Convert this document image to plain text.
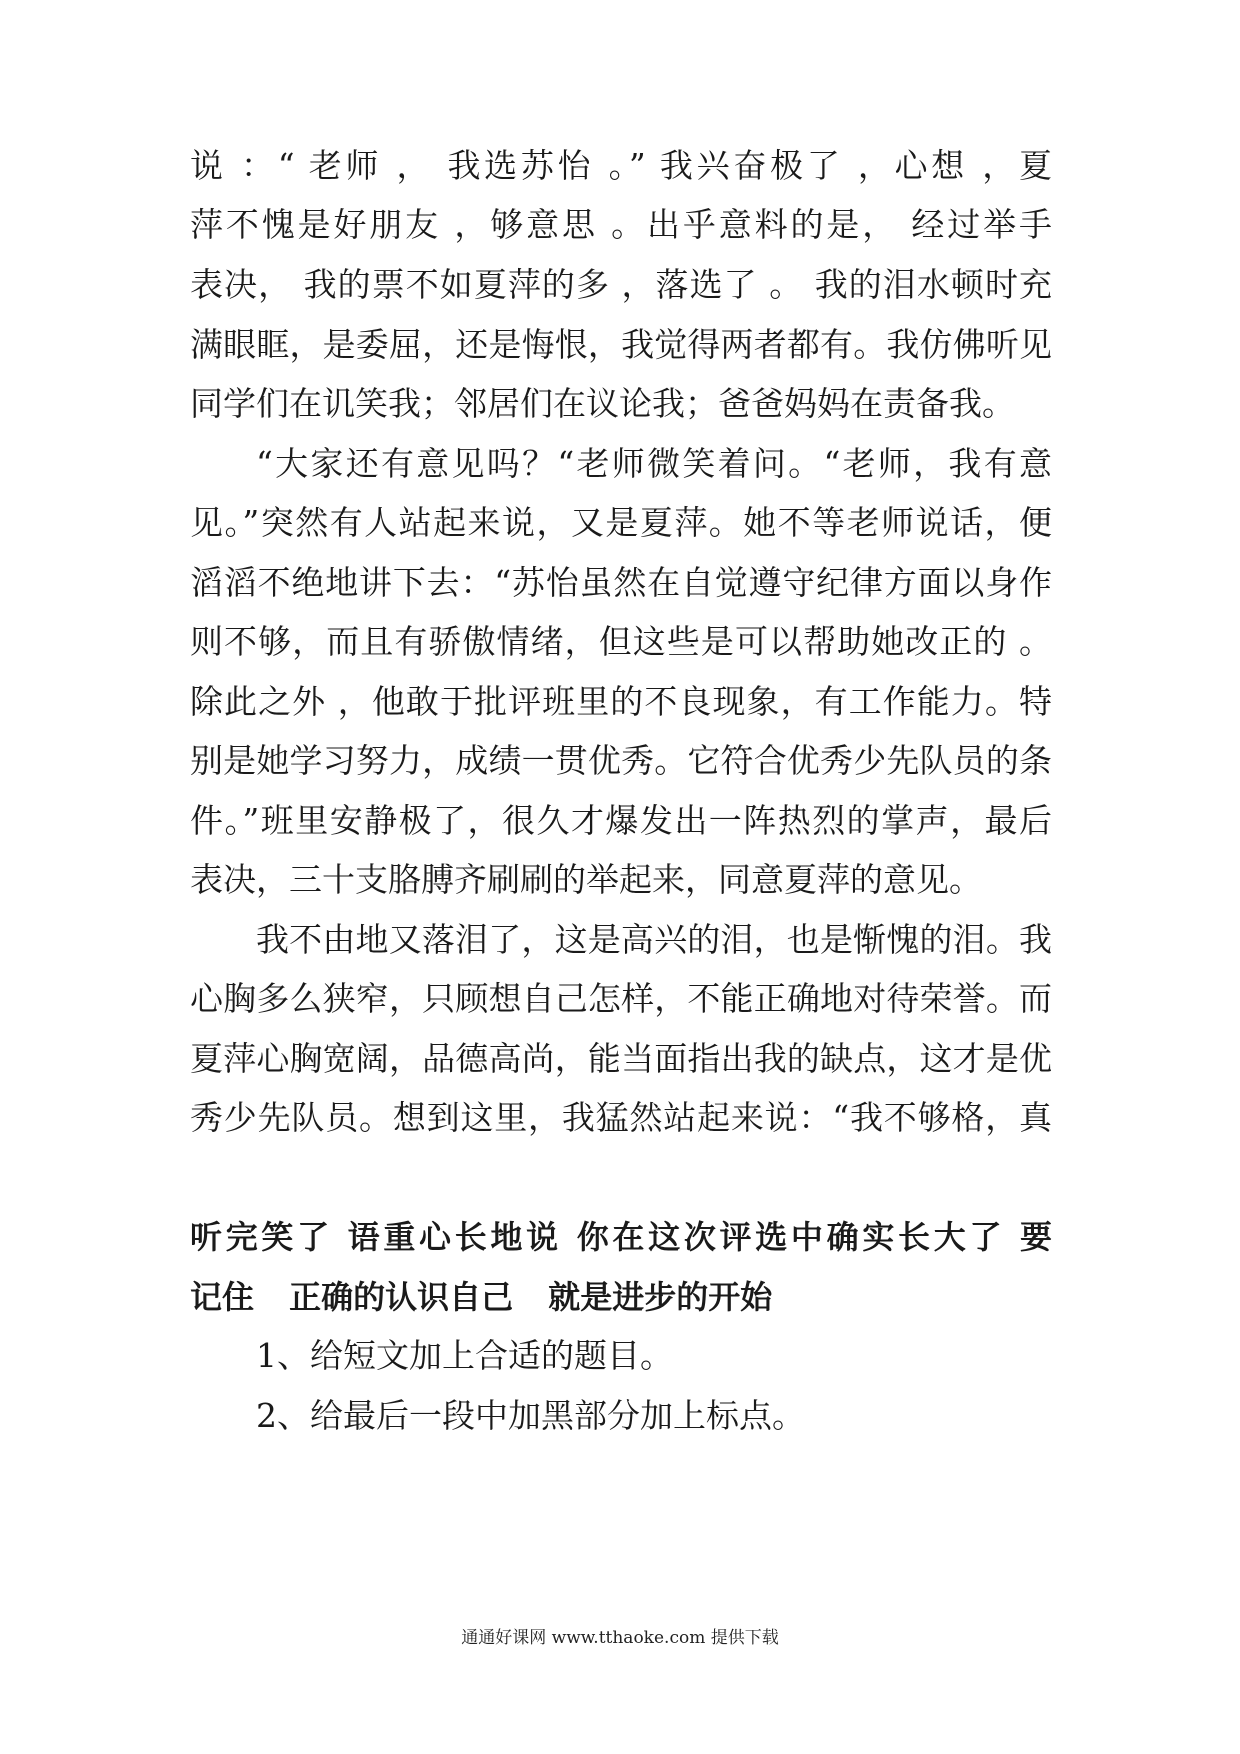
说 ：“ 老师 ， 我选苏怡 。” 我兴奋极了 ，心想 ，夏
萍不愧是好朋友 ，够意思 。出乎意料的是， 经过举手
表决， 我的票不如夏萍的多 ，落选了 。 我的泪水顿时充
满眼眶，是委屈，还是悔恨，我觉得两者都有。我仿佛听见
同学们在讥笑我；邻居们在议论我；爸爸妈妈在责备我。
“大家还有意见吗？“老师微笑着问。“老师，我有意
见。”突然有人站起来说，又是夏萍。她不等老师说话，便
滔滔不绝地讲下去：“苏怡虽然在自觉遵守纪律方面以身作
则不够，而且有骄傲情绪，但这些是可以帮助她改正的 。
除此之外 ，他敢于批评班里的不良现象，有工作能力。特
别是她学习努力，成绩一贯优秀。它符合优秀少先队员的条
件。”班里安静极了，很久才爆发出一阵热烈的掌声，最后
表决，三十支胳膊齐刷刷的举起来，同意夏萍的意见。
我不由地又落泪了，这是高兴的泪，也是惭愧的泪。我
心胸多么狭窄，只顾想自己怎样，不能正确地对待荣誉。而
夏萍心胸宽阔，品德高尚，能当面指出我的缺点，这才是优
秀少先队员。想到这里，我猛然站起来说：“我不够格，真

听完笑了 语重心长地说 你在这次评选中确实长大了 要
记住 正确的认识自己 就是进步的开始
1、给短文加上合适的题目。
2、给最后一段中加黑部分加上标点。
通通好课网 www.tthaoke.com 提供下载
